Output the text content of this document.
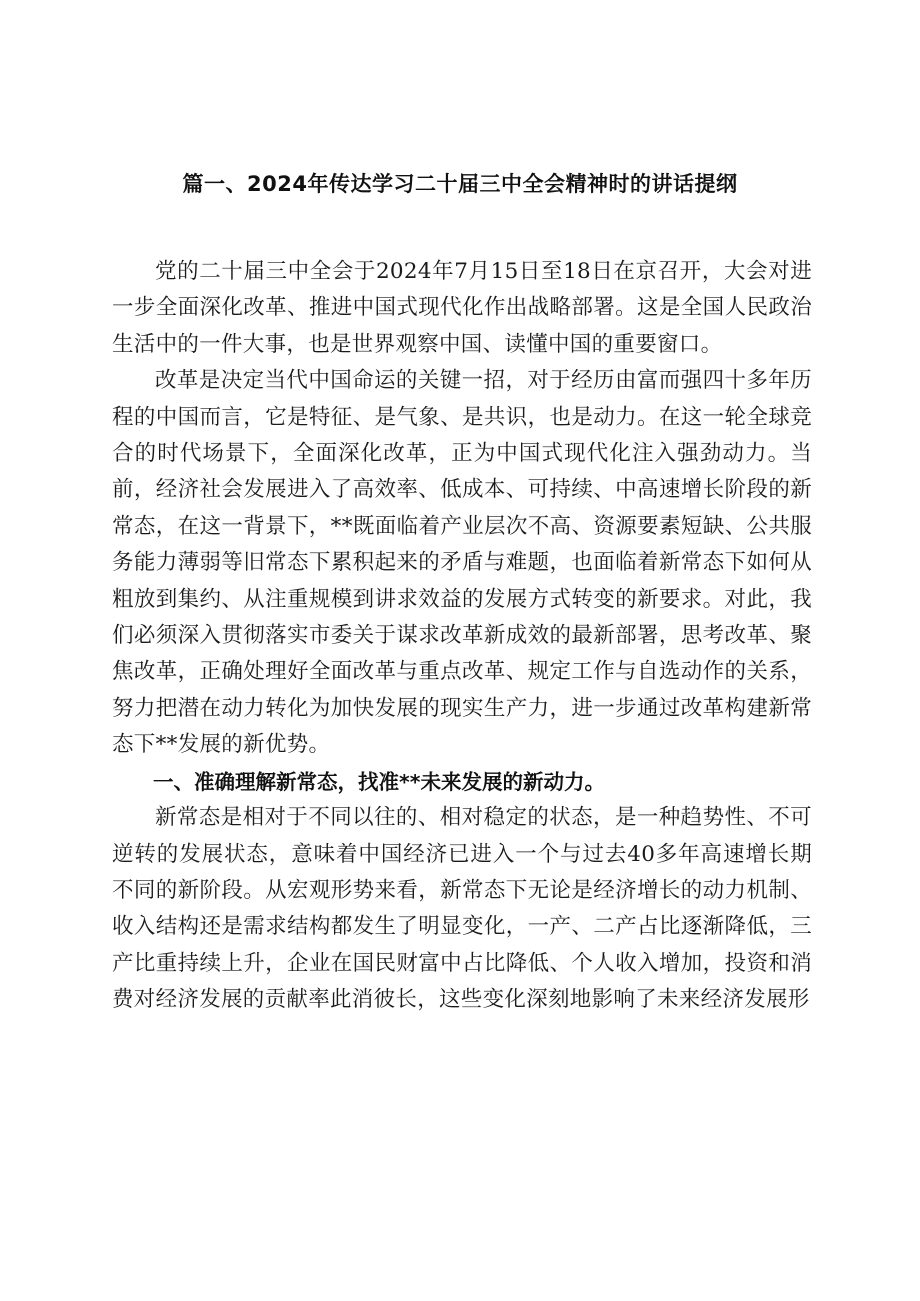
篇一、2024年传达学习二十届三中全会精神时的讲话提纲

党的二十届三中全会于2024年7月15日至18日在京召开，大会对进一步全面深化改革、推进中国式现代化作出战略部署。这是全国人民政治生活中的一件大事，也是世界观察中国、读懂中国的重要窗口。

改革是决定当代中国命运的关键一招，对于经历由富而强四十多年历程的中国而言，它是特征、是气象、是共识，也是动力。在这一轮全球竞合的时代场景下，全面深化改革，正为中国式现代化注入强劲动力。当前，经济社会发展进入了高效率、低成本、可持续、中高速增长阶段的新常态，在这一背景下，**既面临着产业层次不高、资源要素短缺、公共服务能力薄弱等旧常态下累积起来的矛盾与难题，也面临着新常态下如何从粗放到集约、从注重规模到讲求效益的发展方式转变的新要求。对此，我们必须深入贯彻落实市委关于谋求改革新成效的最新部署，思考改革、聚焦改革，正确处理好全面改革与重点改革、规定工作与自选动作的关系，努力把潜在动力转化为加快发展的现实生产力，进一步通过改革构建新常态下**发展的新优势。

一、准确理解新常态，找准**未来发展的新动力。

新常态是相对于不同以往的、相对稳定的状态，是一种趋势性、不可逆转的发展状态，意味着中国经济已进入一个与过去40多年高速增长期不同的新阶段。从宏观形势来看，新常态下无论是经济增长的动力机制、收入结构还是需求结构都发生了明显变化，一产、二产占比逐渐降低，三产比重持续上升，企业在国民财富中占比降低、个人收入增加，投资和消费对经济发展的贡献率此消彼长，这些变化深刻地影响了未来经济发展形
